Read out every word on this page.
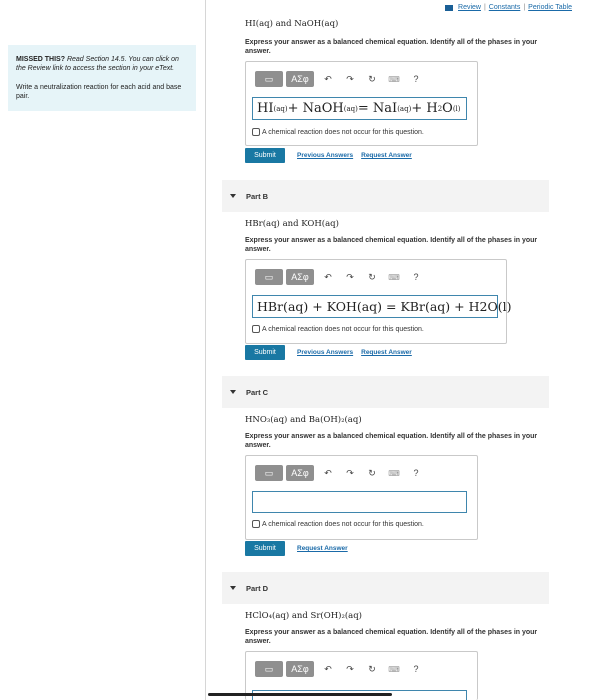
Review | Constants | Periodic Table
MISSED THIS? Read Section 14.5. You can click on the Review link to access the section in your eText.
Write a neutralization reaction for each acid and base pair.
HI(aq) and NaOH(aq)
Express your answer as a balanced chemical equation. Identify all of the phases in your answer.
▭	ΑΣφ	↶	↷	↻	⌨	?
HI (aq) + NaOH (aq) = NaI (aq) + H 2 O (l)
A chemical reaction does not occur for this question.
Submit	Previous Answers Request Answer
Part B
HBr(aq) and KOH(aq)
Express your answer as a balanced chemical equation. Identify all of the phases in your answer.
▭	ΑΣφ	↶	↷	↻	⌨	?
HBr(aq) + KOH(aq) = KBr(aq) + H2O(l)
A chemical reaction does not occur for this question.
Submit	Previous Answers Request Answer
Part C
HNO₃(aq) and Ba(OH)₂(aq)
Express your answer as a balanced chemical equation. Identify all of the phases in your answer.
▭	ΑΣφ	↶	↷	↻	⌨	?
A chemical reaction does not occur for this question.
Submit	Request Answer
Part D
HClO₄(aq) and Sr(OH)₂(aq)
Express your answer as a balanced chemical equation. Identify all of the phases in your answer.
▭	ΑΣφ	↶	↷	↻	⌨	?
